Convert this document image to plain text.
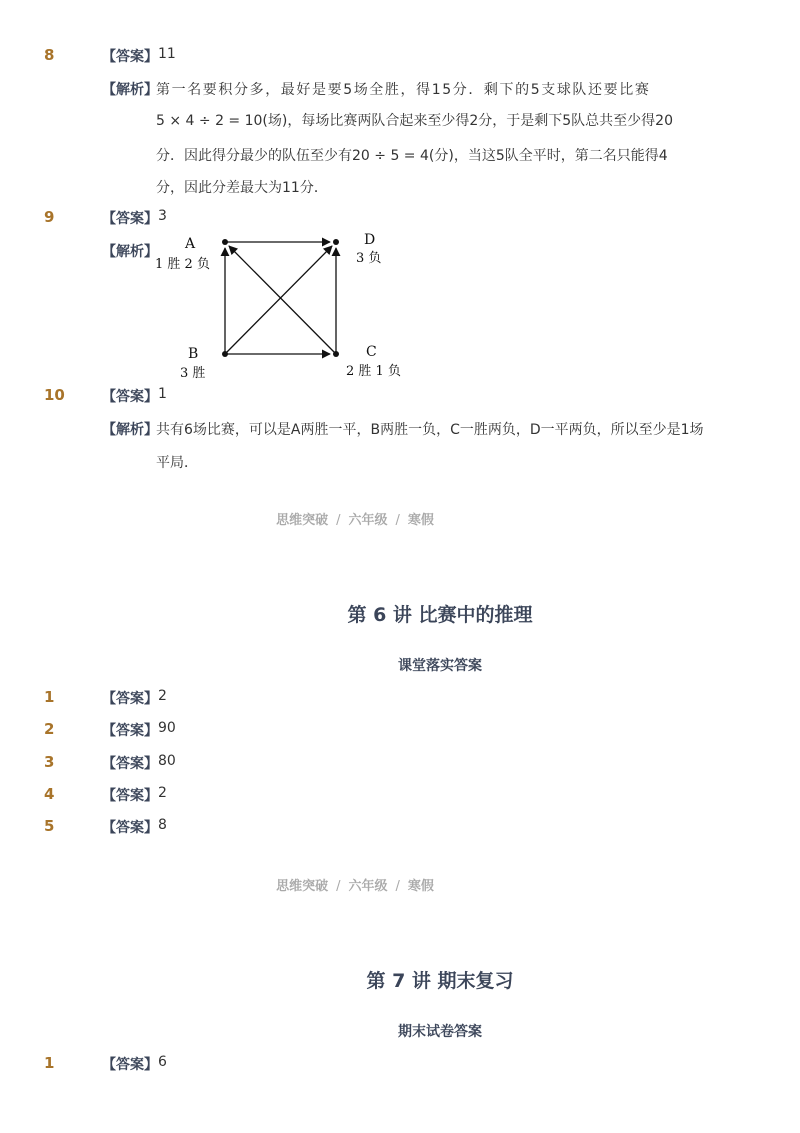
8	【答案】 11
【解析】
第一名要积分多，最好是要5场全胜，得15分．剩下的5支球队还要比赛
5 × 4 ÷ 2 = 10(场)，每场比赛两队合起来至少得2分，于是剩下5队总共至少得20
分．因此得分最少的队伍至少有20 ÷ 5 = 4(分)，当这5队全平时，第二名只能得4
分，因此分差最大为11分．
9	【答案】 3
【解析】 A
1 胜 2 负
D
3 负
B
3 胜
C
2 胜 1 负
10	【答案】 1
【解析】
共有6场比赛，可以是A两胜一平，B两胜一负，C一胜两负，D一平两负，所以至少是1场
平局．
思维突破 / 六年级 / 寒假
第 6 讲 比赛中的推理
课堂落实答案
1	【答案】 2
2	【答案】 90
3	【答案】 80
4	【答案】 2
5	【答案】 8
思维突破 / 六年级 / 寒假
第 7 讲 期末复习
期末试卷答案
1	【答案】 6
